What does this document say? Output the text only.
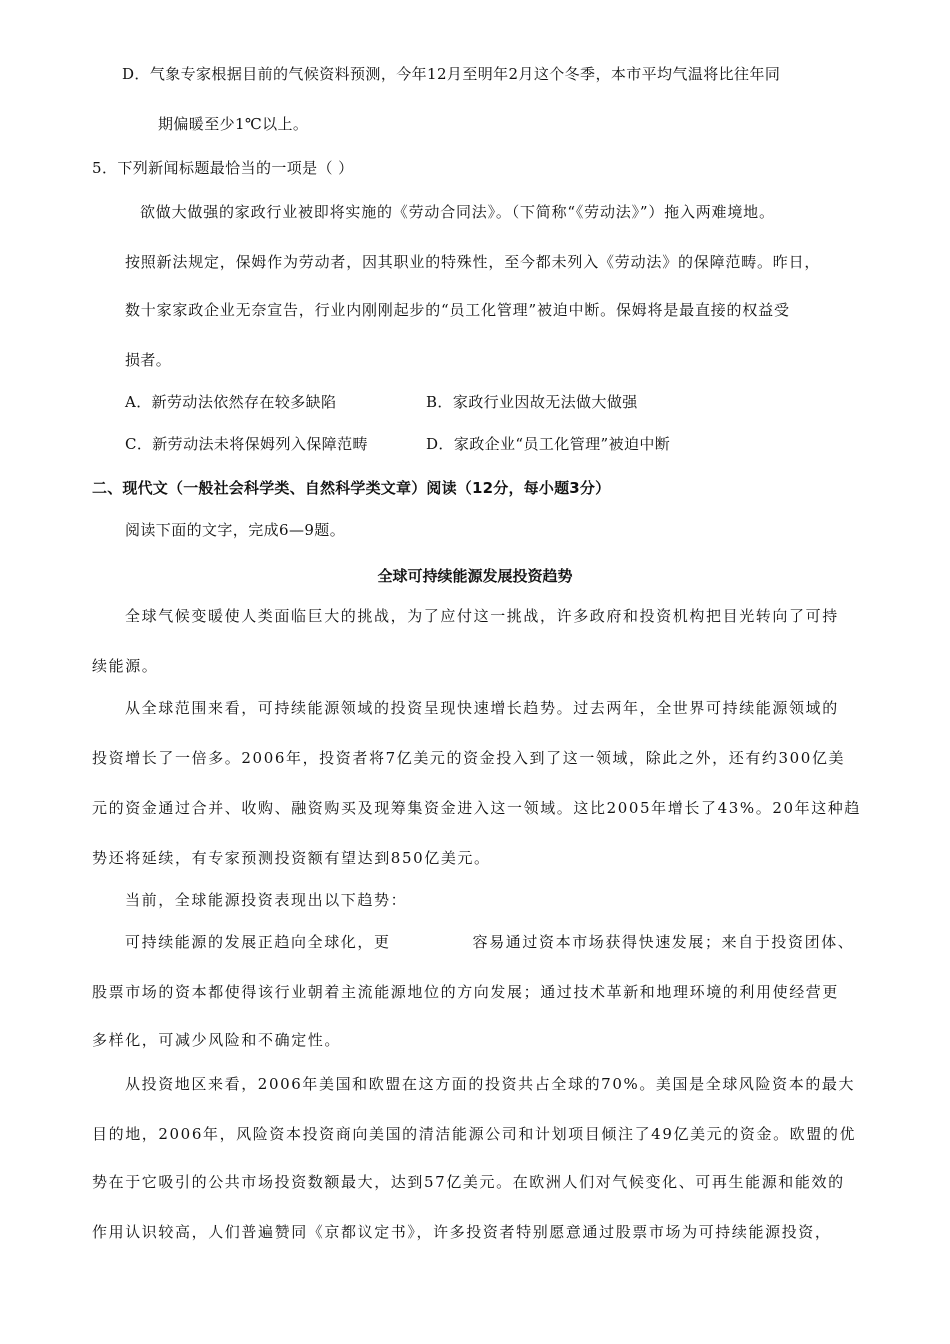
D．气象专家根据目前的气候资料预测，今年12月至明年2月这个冬季，本市平均气温将比往年同
期偏暖至少1℃以上。
5．下列新闻标题最恰当的一项是（ ）
欲做大做强的家政行业被即将实施的《劳动合同法》。（下简称“《劳动法》”）拖入两难境地。
按照新法规定，保姆作为劳动者，因其职业的特殊性，至今都未列入《劳动法》的保障范畴。昨日，
数十家家政企业无奈宣告，行业内刚刚起步的“员工化管理”被迫中断。保姆将是最直接的权益受
损者。
A．新劳动法依然存在较多缺陷	B．家政行业因故无法做大做强
C．新劳动法未将保姆列入保障范畴	D．家政企业“员工化管理”被迫中断
二、现代文（一般社会科学类、自然科学类文章）阅读（12分，每小题3分）
阅读下面的文字，完成6—9题。
全球可持续能源发展投资趋势
全球气候变暖使人类面临巨大的挑战，为了应付这一挑战，许多政府和投资机构把目光转向了可持
续能源。
从全球范围来看，可持续能源领域的投资呈现快速增长趋势。过去两年，全世界可持续能源领域的
投资增长了一倍多。2006年，投资者将7亿美元的资金投入到了这一领域，除此之外，还有约300亿美
元的资金通过合并、收购、融资购买及现筹集资金进入这一领域。这比2005年增长了43%。20年这种趋
势还将延续，有专家预测投资额有望达到850亿美元。
当前，全球能源投资表现出以下趋势：
可持续能源的发展正趋向全球化，更	容易通过资本市场获得快速发展；来自于投资团体、
股票市场的资本都使得该行业朝着主流能源地位的方向发展；通过技术革新和地理环境的利用使经营更
多样化，可减少风险和不确定性。
从投资地区来看，2006年美国和欧盟在这方面的投资共占全球的70%。美国是全球风险资本的最大
目的地，2006年，风险资本投资商向美国的清洁能源公司和计划项目倾注了49亿美元的资金。欧盟的优
势在于它吸引的公共市场投资数额最大，达到57亿美元。在欧洲人们对气候变化、可再生能源和能效的
作用认识较高，人们普遍赞同《京都议定书》，许多投资者特别愿意通过股票市场为可持续能源投资，
